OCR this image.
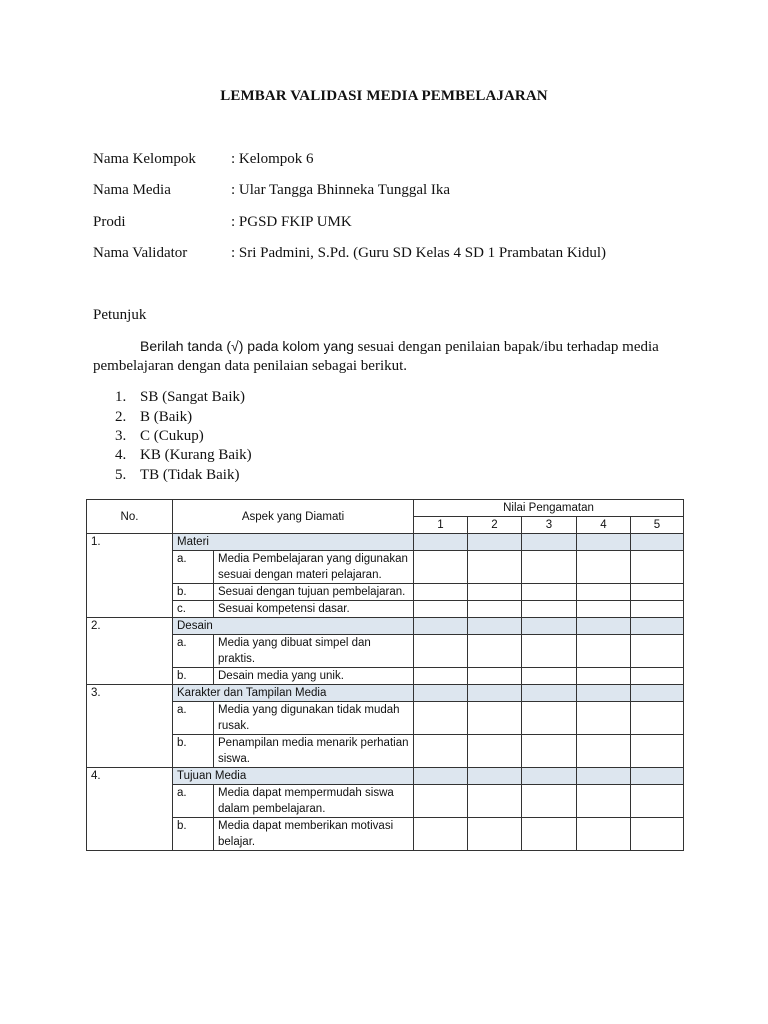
LEMBAR VALIDASI MEDIA PEMBELAJARAN
Nama Kelompok : Kelompok 6
Nama Media	: Ular Tangga Bhinneka Tunggal Ika
Prodi	: PGSD FKIP UMK
Nama Validator	: Sri Padmini, S.Pd. (Guru SD Kelas 4 SD 1 Prambatan Kidul)
Petunjuk
Berilah tanda (√) pada kolom yang sesuai dengan penilaian bapak/ibu terhadap media
pembelajaran dengan data penilaian sebagai berikut.
1. SB (Sangat Baik)
2. B (Baik)
3. C (Cukup)
4. KB (Kurang Baik)
5. TB (Tidak Baik)
No.	Aspek yang Diamati		Nilai Pengamatan				
			1	2	3	4	5
1.	Materi						
	a.	Media Pembelajaran yang digunakan sesuai dengan materi pelajaran.					
	b.	Sesuai dengan tujuan pembelajaran.					
	c.	Sesuai kompetensi dasar.					
2.	Desain						
	a.	Media yang dibuat simpel dan praktis.					
	b.	Desain media yang unik.					
3.	Karakter dan Tampilan Media						
	a.	Media yang digunakan tidak mudah rusak.					
	b.	Penampilan media menarik perhatian siswa.					
4.	Tujuan Media						
	a.	Media dapat mempermudah siswa dalam pembelajaran.					
	b.	Media dapat memberikan motivasi belajar.					
